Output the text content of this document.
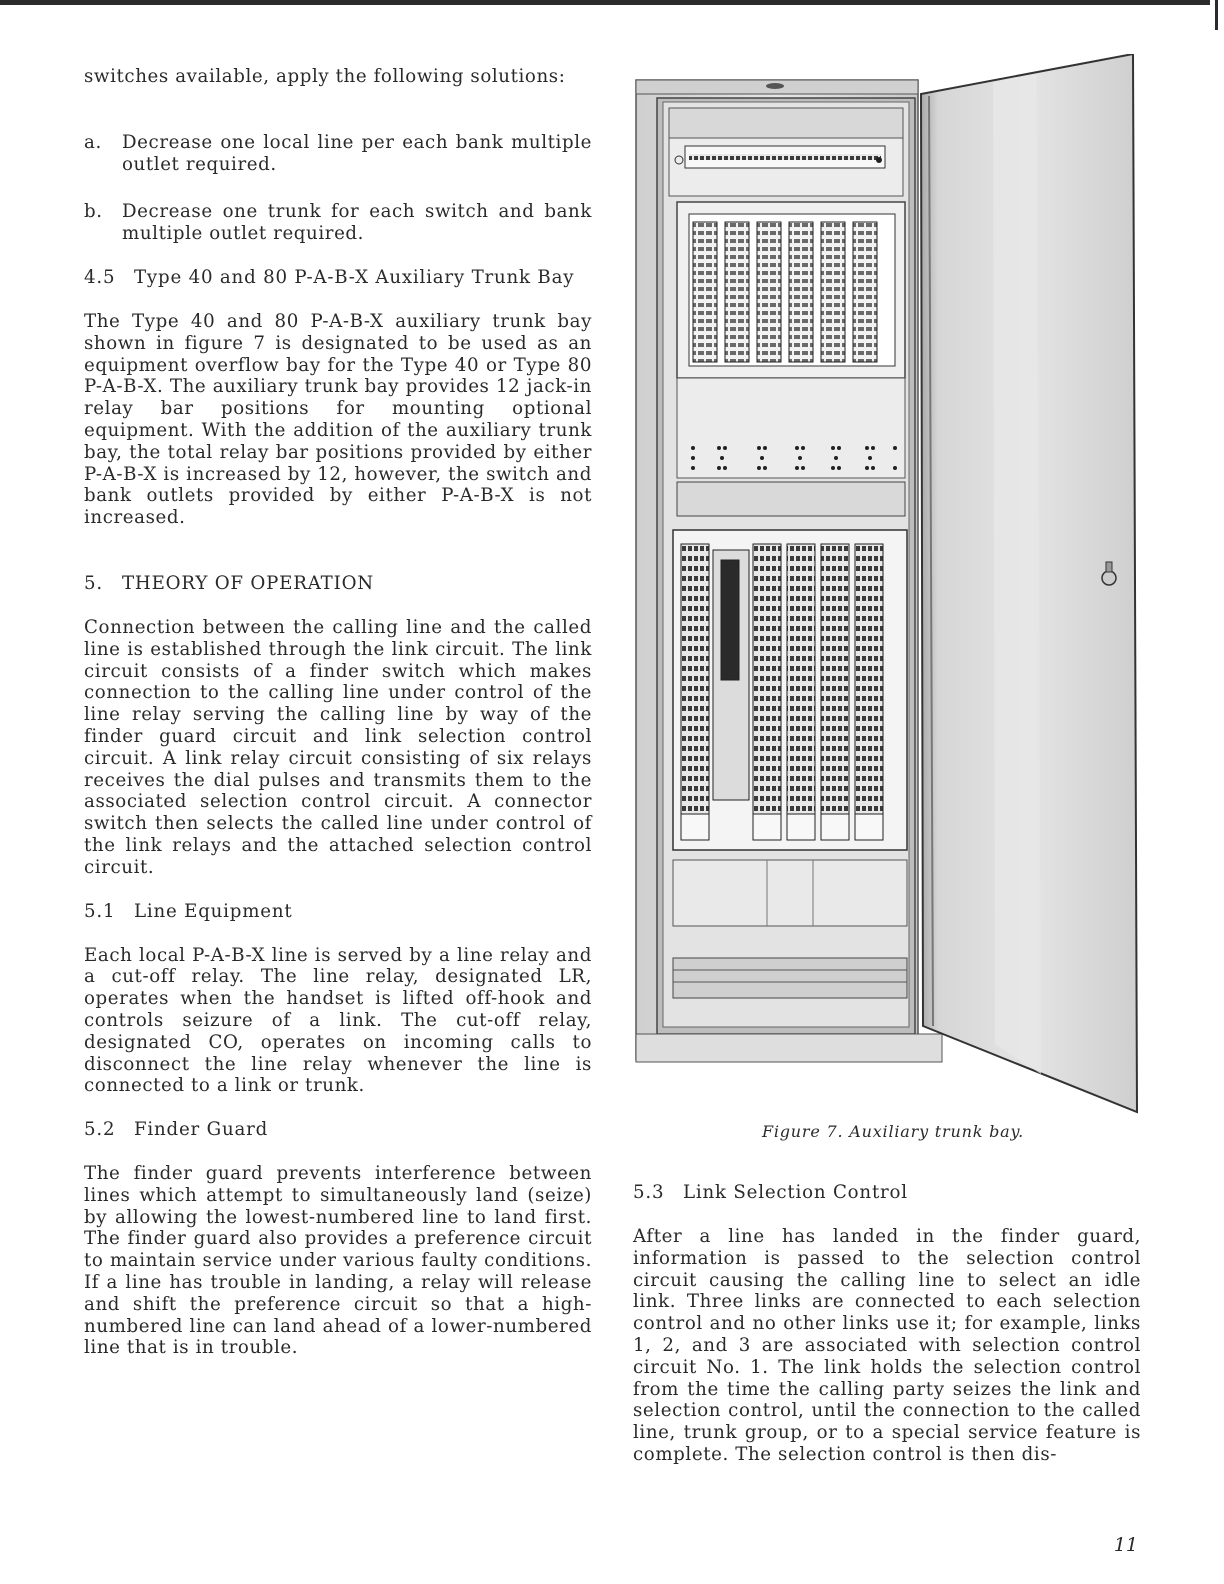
switches available, apply the following solutions:

a.	Decrease one local line per each bank multiple outlet required.
b.	Decrease one trunk for each switch and bank multiple outlet required.
4.5	Type 40 and 80 P-A-B-X Auxiliary Trunk Bay

The Type 40 and 80 P-A-B-X auxiliary trunk bay shown in figure 7 is designated to be used as an equipment overflow bay for the Type 40 or Type 80 P-A-B-X. The auxiliary trunk bay provides 12 jack-in relay bar positions for mounting optional equipment. With the addition of the auxiliary trunk bay, the total relay bar positions provided by either P-A-B-X is increased by 12, however, the switch and bank outlets provided by either P-A-B-X is not increased.

5.	THEORY OF OPERATION

Connection between the calling line and the called line is established through the link circuit. The link circuit consists of a finder switch which makes connection to the calling line under control of the line relay serving the calling line by way of the finder guard circuit and link selection control circuit. A link relay circuit consisting of six relays receives the dial pulses and transmits them to the associated selection control circuit. A connector switch then selects the called line under control of the link relays and the attached selection control circuit.

5.1	Line Equipment

Each local P-A-B-X line is served by a line relay and a cut-off relay. The line relay, designated LR, operates when the handset is lifted off-hook and controls seizure of a link. The cut-off relay, designated CO, operates on incoming calls to disconnect the line relay whenever the line is connected to a link or trunk.

5.2	Finder Guard

The finder guard prevents interference between lines which attempt to simultaneously land (seize) by allowing the lowest-numbered line to land first. The finder guard also provides a preference circuit to maintain service under various faulty conditions. If a line has trouble in landing, a relay will release and shift the preference circuit so that a high-numbered line can land ahead of a lower-numbered line that is in trouble.

Figure 7. Auxiliary trunk bay.
5.3	Link Selection Control

After a line has landed in the finder guard, information is passed to the selection control circuit causing the calling line to select an idle link. Three links are connected to each selection control and no other links use it; for example, links 1, 2, and 3 are associated with selection control circuit No. 1. The link holds the selection control from the time the calling party seizes the link and selection control, until the connection to the called line, trunk group, or to a special service feature is complete. The selection control is then dis-

11
